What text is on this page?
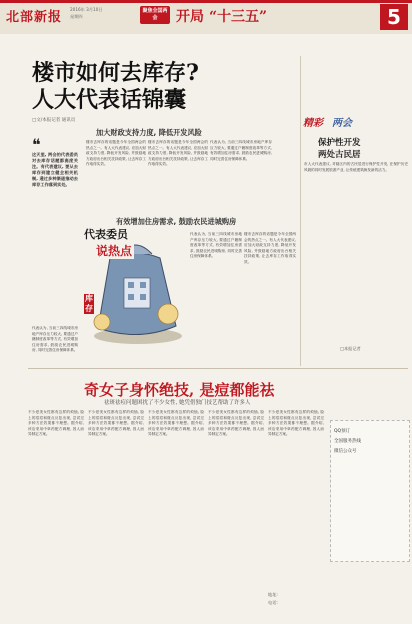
北部新报
2016年 3月10日
星期四
聚焦全国两会	开局 “十三五”	5
楼市如何去库存?
人大代表话锦囊
□文/本报记者 通讯员
❝
这天里, 两会的代表委员对去库存话题都高度关注。有代表建议, 要从去库存到建立健全相关机制, 通过多种渠道推动去库存工作落到实处。
加大财政支持力度, 降低开发风险
楼市去库存的话题是今年全国两会的热点之一。有人大代表建议, 应加大财政支持力度, 降低开发风险, 并鼓励地方政府出台相关扶持政策, 让去库存工作取得实效。
楼市去库存的话题是今年全国两会的热点之一。有人大代表建议, 应加大财政支持力度, 降低开发风险, 并鼓励地方政府出台相关扶持政策, 让去库存工作取得实效。
代表认为, 当前三四线城市房地产库存压力较大, 要通过户籍制度改革等方式, 有效增加住房需求, 鼓励农民进城购房, 同时完善住房保障体系。
库存
代表委员
说热点
有效增加住房需求, 鼓励农民进城购房
代表认为, 当前三四线城市房地产库存压力较大, 要通过户籍制度改革等方式, 有效增加住房需求, 鼓励农民进城购房, 同时完善住房保障体系。
楼市去库存的话题是今年全国两会的热点之一。有人大代表建议, 应加大财政支持力度, 降低开发风险, 并鼓励地方政府出台相关扶持政策, 让去库存工作取得实效。
代表认为, 当前三四线城市房地产库存压力较大, 要通过户籍制度改革等方式, 有效增加住房需求, 鼓励农民进城购房, 同时完善住房保障体系。
精彩 两会
保护性开发
两处古民居
市人大代表建议, 对辖区内的古民居进行保护性开发, 在保护历史风貌的同时发展旅游产业, 让传统建筑焕发新的活力。
□本报记者
奇女子身怀绝技, 是痘都能祛
祛斑祛痘问题困扰了不少女性, 她凭借独门技艺帮助了许多人
不少爱美女性都有这样的烦恼, 脸上的痘痘和斑点反复出现, 尝试过多种方法效果都不理想。据介绍, 该店采用中草药配方调理, 因人而异制定方案。
不少爱美女性都有这样的烦恼, 脸上的痘痘和斑点反复出现, 尝试过多种方法效果都不理想。据介绍, 该店采用中草药配方调理, 因人而异制定方案。
不少爱美女性都有这样的烦恼, 脸上的痘痘和斑点反复出现, 尝试过多种方法效果都不理想。据介绍, 该店采用中草药配方调理, 因人而异制定方案。
不少爱美女性都有这样的烦恼, 脸上的痘痘和斑点反复出现, 尝试过多种方法效果都不理想。据介绍, 该店采用中草药配方调理, 因人而异制定方案。
不少爱美女性都有这样的烦恼, 脸上的痘痘和斑点反复出现, 尝试过多种方法效果都不理想。据介绍, 该店采用中草药配方调理, 因人而异制定方案。
QQ预订
全国服务热线
微信公众号
地址:
电话:
